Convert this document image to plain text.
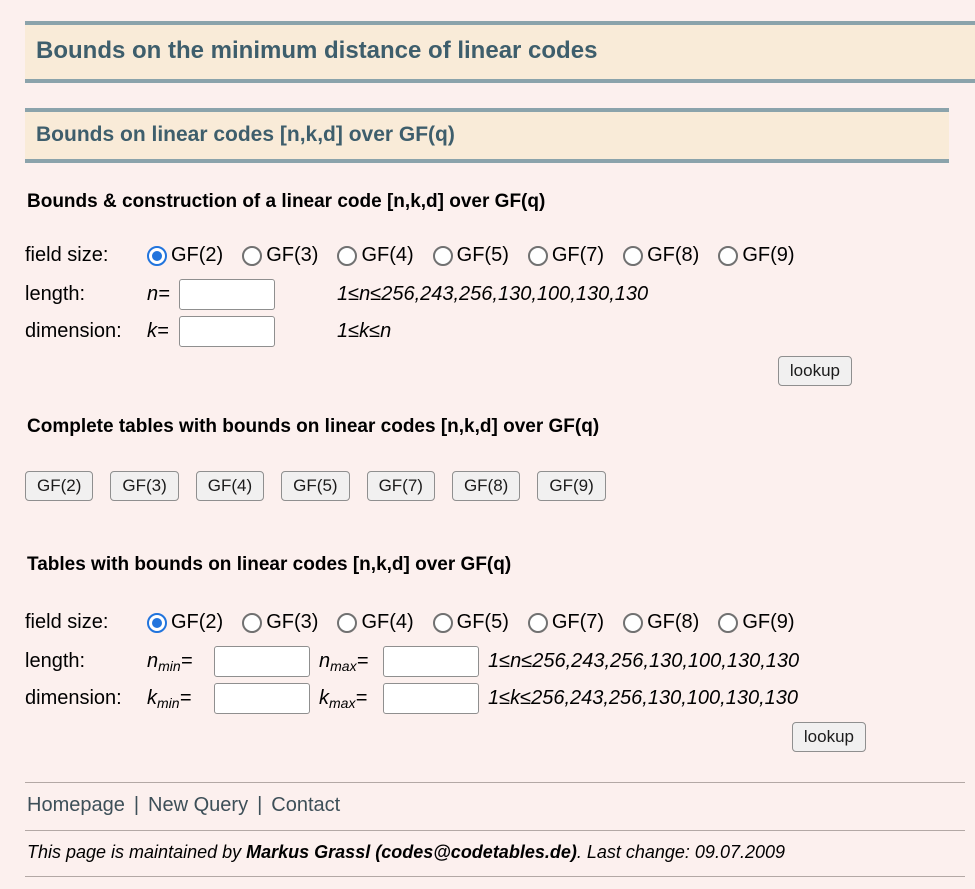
Bounds on the minimum distance of linear codes
Bounds on linear codes [n,k,d] over GF(q)
Bounds & construction of a linear code [n,k,d] over GF(q)
field size:	GF(2) GF(3) GF(4) GF(5) GF(7) GF(8) GF(9)
length:	n=	1≤n≤256,243,256,130,100,130,130
dimension:	k=	1≤k≤n
lookup
Complete tables with bounds on linear codes [n,k,d] over GF(q)
GF(2)	GF(3)	GF(4)	GF(5)	GF(7)	GF(8)	GF(9)
Tables with bounds on linear codes [n,k,d] over GF(q)
field size:	GF(2) GF(3) GF(4) GF(5) GF(7) GF(8) GF(9)
length:	$n_{min}=$	$n_{max}=$	1≤n≤256,243,256,130,100,130,130
dimension:	$k_{min}=$	$k_{max}=$	1≤k≤256,243,256,130,100,130,130
lookup
Homepage | New Query | Contact
This page is maintained by Markus Grassl (codes@codetables.de). Last change: 09.07.2009
